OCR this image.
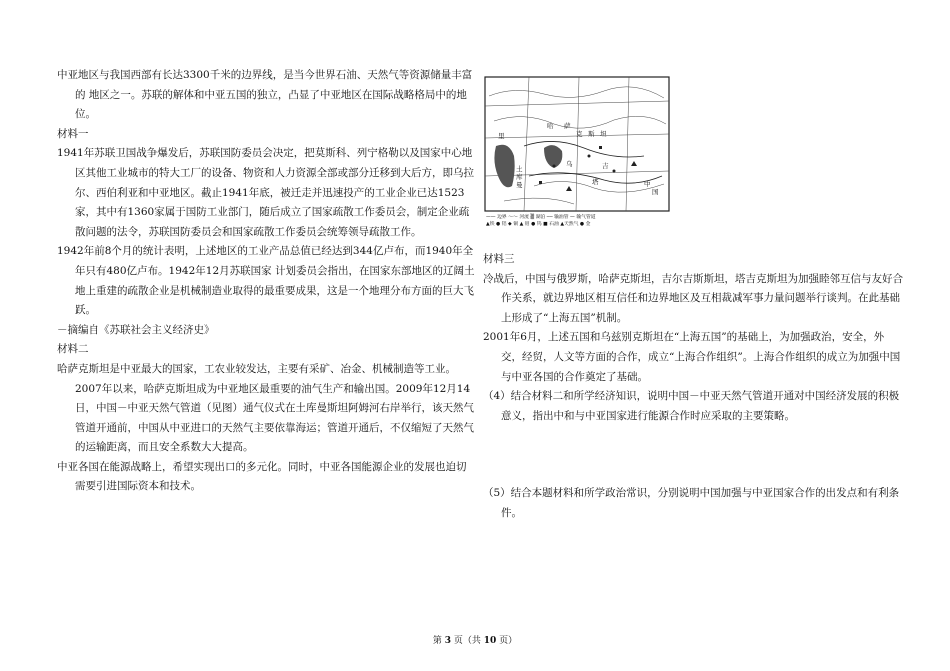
中亚地区与我国西部有长达3300千米的边界线，是当今世界石油、天然气等资源储量丰富的 地区之一。苏联的解体和中亚五国的独立，凸显了中亚地区在国际战略格局中的地位。

材料一

1941年苏联卫国战争爆发后，苏联国防委员会决定，把莫斯科、列宁格勒以及国家中心地区其他工业城市的特大工厂的设备、物资和人力资源全部或部分迁移到大后方，即乌拉尔、西伯利亚和中亚地区。截止1941年底，被迁走并迅速投产的工业企业已达1523家，其中有1360家属于国防工业部门，随后成立了国家疏散工作委员会，制定企业疏散问题的法令，苏联国防委员会和国家疏散工作委员会统筹领导疏散工作。

1942年前8个月的统计表明，上述地区的工业产品总值已经达到344亿卢布，而1940年全年只有480亿卢布。1942年12月苏联国家 计划委员会指出，在国家东部地区的辽阔土地上重建的疏散企业是机械制造业取得的最重要成果，这是一个地理分布方面的巨大飞跃。

－摘编自《苏联社会主义经济史》

材料二

哈萨克斯坦是中亚最大的国家，工农业较发达，主要有采矿、冶金、机械制造等工业。2007年以来，哈萨克斯坦成为中亚地区最重要的油气生产和输出国。2009年12月14日，中国－中亚天然气管道（见图）通气仪式在土库曼斯坦阿姆河右岸举行，该天然气管道开通前，中国从中亚进口的天然气主要依靠海运；管道开通后，不仅缩短了天然气的运输距离，而且安全系数大大提高。

中亚各国在能源战略上，希望实现出口的多元化。同时，中亚各国能源企业的发展也迫切需要引进国际资本和技术。

哈 萨
克 斯 坦
土
库
曼
乌
里
中
国
吉
塔
—— 边界 ～～ 河流 ▒ 湖泊 ── 输油管 — 输气管道
▲铁 ● 铝 ◆ 铜 ▲ 钼 ● 钨 ■ 石油 ▲天然气 ● 金

材料三

冷战后，中国与俄罗斯，哈萨克斯坦，吉尔吉斯斯坦，塔吉克斯坦为加强睦邻互信与友好合作关系，就边界地区相互信任和边界地区及互相裁减军事力量问题举行谈判。在此基础上形成了“上海五国”机制。

2001年6月，上述五国和乌兹别克斯坦在“上海五国”的基础上，为加强政治，安全，外交，经贸，人文等方面的合作，成立“上海合作组织”。上海合作组织的成立为加强中国与中亚各国的合作奠定了基础。

（4）结合材料二和所学经济知识，说明中国－中亚天然气管道开通对中国经济发展的积极意义，指出中和与中亚国家进行能源合作时应采取的主要策略。

（5）结合本题材料和所学政治常识，分别说明中国加强与中亚国家合作的出发点和有利条件。

第 3 页（共 10 页）
